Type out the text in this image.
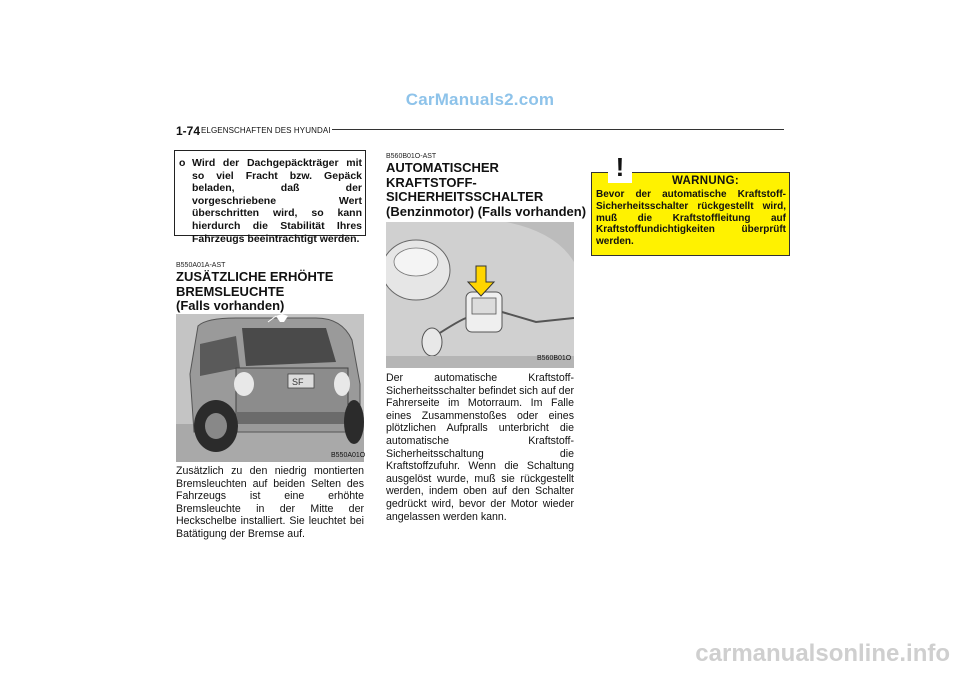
CarManuals2.com
1-74 ELGENSCHAFTEN DES HYUNDAI
o Wird der Dachgepäckträger mit so viel Fracht bzw. Gepäck beladen, daß der vorgeschriebene Wert überschritten wird, so kann hierdurch die Stabilität Ihres Fahrzeugs beeinträchtigt werden.
B550A01A-AST
ZUSÄTZLICHE ERHÖHTE
BREMSLEUCHTE
(Falls vorhanden)
SF
B550A01O
Zusätzlich zu den niedrig montierten Bremsleuchten auf beiden Selten des Fahrzeugs ist eine erhöhte Bremsleuchte in der Mitte der Heckschelbe installiert. Sie leuchtet bei Batätigung der Bremse auf.
B560B01O-AST
AUTOMATISCHER
KRAFTSTOFF-
SICHERHEITSSCHALTER
(Benzinmotor) (Falls vorhanden)
B560B01O
Der automatische Kraftstoff-Sicherheitsschalter befindet sich auf der Fahrerseite im Motorraum. Im Falle eines Zusammenstoßes oder eines plötzlichen Aufpralls unterbricht die automatische Kraftstoff-Sicherheitsschaltung die Kraftstoffzufuhr. Wenn die Schaltung ausgelöst wurde, muß sie rückgestellt werden, indem oben auf den Schalter gedrückt wird, bevor der Motor wieder angelassen werden kann.
WARNUNG:
Bevor der automatische Kraftstoff-Sicherheitsschalter rückgestellt wird, muß die Kraftstoffleitung auf Kraftstoffundichtigkeiten überprüft werden.
!
carmanualsonline.info
